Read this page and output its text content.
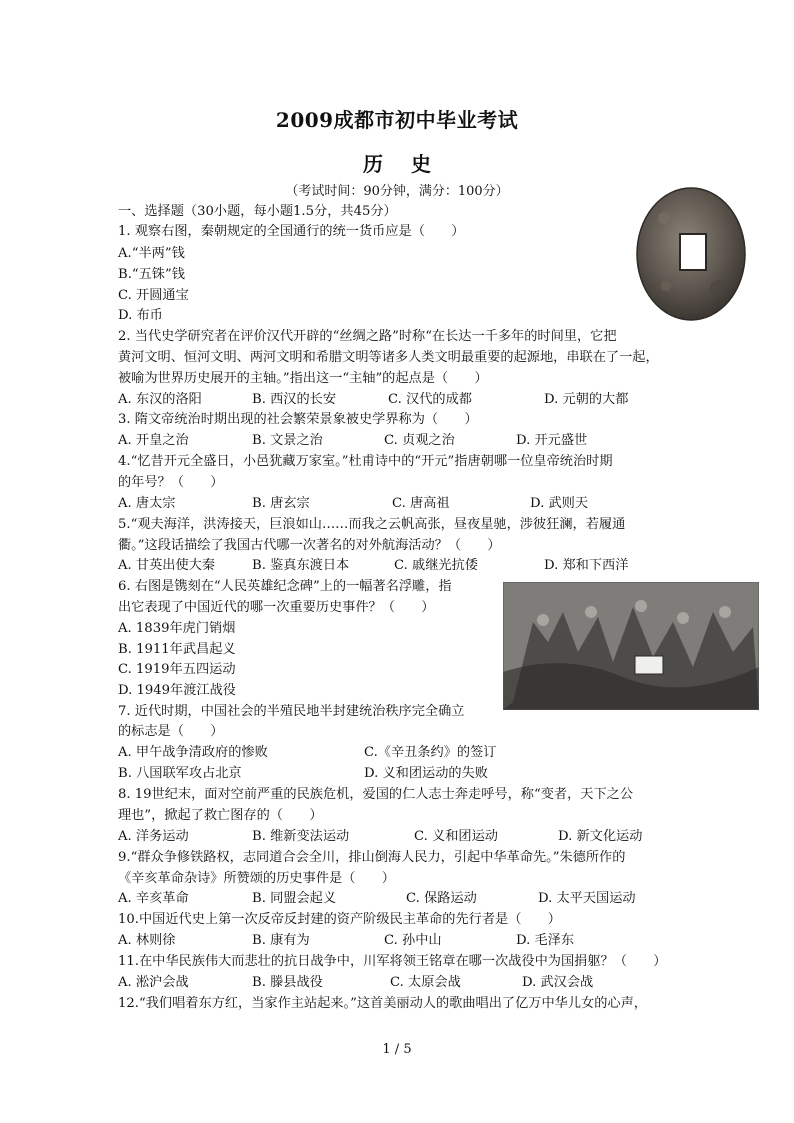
2009成都市初中毕业考试
历史
（考试时间：90分钟，满分：100分）
一、选择题（30小题，每小题1.5分，共45分）
1. 观察右图，秦朝规定的全国通行的统一货币应是（　　）
A.“半两”钱
B.“五铢”钱
C. 开圆通宝
D. 布币
2. 当代史学研究者在评价汉代开辟的“丝绸之路”时称“在长达一千多年的时间里，它把
黄河文明、恒河文明、两河文明和希腊文明等诸多人类文明最重要的起源地，串联在了一起，
被喻为世界历史展开的主轴。”指出这一“主轴”的起点是（　　）
A. 东汉的洛阳	B. 西汉的长安	C. 汉代的成都	D. 元朝的大都
3. 隋文帝统治时期出现的社会繁荣景象被史学界称为（　　）
A. 开皇之治	B. 文景之治	C. 贞观之治	D. 开元盛世
4.“忆昔开元全盛日，小邑犹藏万家室。”杜甫诗中的“开元”指唐朝哪一位皇帝统治时期
的年号？（　　）
A. 唐太宗	B. 唐玄宗	C. 唐高祖	D. 武则天
5.“观夫海洋，洪涛接天，巨浪如山……而我之云帆高张，昼夜星驰，涉彼狂澜，若履通
衢。”这段话描绘了我国古代哪一次著名的对外航海活动？（　　）
A. 甘英出使大秦	B. 鉴真东渡日本	C. 戚继光抗倭	D. 郑和下西洋
6. 右图是镌刻在“人民英雄纪念碑”上的一幅著名浮雕，指
出它表现了中国近代的哪一次重要历史事件？（　　）
A. 1839年虎门销烟
B. 1911年武昌起义
C. 1919年五四运动
D. 1949年渡江战役
7. 近代时期，中国社会的半殖民地半封建统治秩序完全确立
的标志是（　　）
A. 甲午战争清政府的惨败	C.《辛丑条约》的签订
B. 八国联军攻占北京	D. 义和团运动的失败
8. 19世纪末，面对空前严重的民族危机，爱国的仁人志士奔走呼号，称“变者，天下之公
理也”，掀起了救亡图存的（　　）
A. 洋务运动	B. 维新变法运动	C. 义和团运动	D. 新文化运动
9.“群众争修铁路权，志同道合会全川，排山倒海人民力，引起中华革命先。”朱德所作的
《辛亥革命杂诗》所赞颂的历史事件是（　　）
A. 辛亥革命	B. 同盟会起义	C. 保路运动	D. 太平天国运动
10.中国近代史上第一次反帝反封建的资产阶级民主革命的先行者是（　　）
A. 林则徐	B. 康有为	C. 孙中山	D. 毛泽东
11.在中华民族伟大而悲壮的抗日战争中，川军将领王铭章在哪一次战役中为国捐躯？（　　）
A. 淞沪会战	B. 滕县战役	C. 太原会战	D. 武汉会战
12.“我们唱着东方红，当家作主站起来。”这首美丽动人的歌曲唱出了亿万中华儿女的心声，
1 / 5
